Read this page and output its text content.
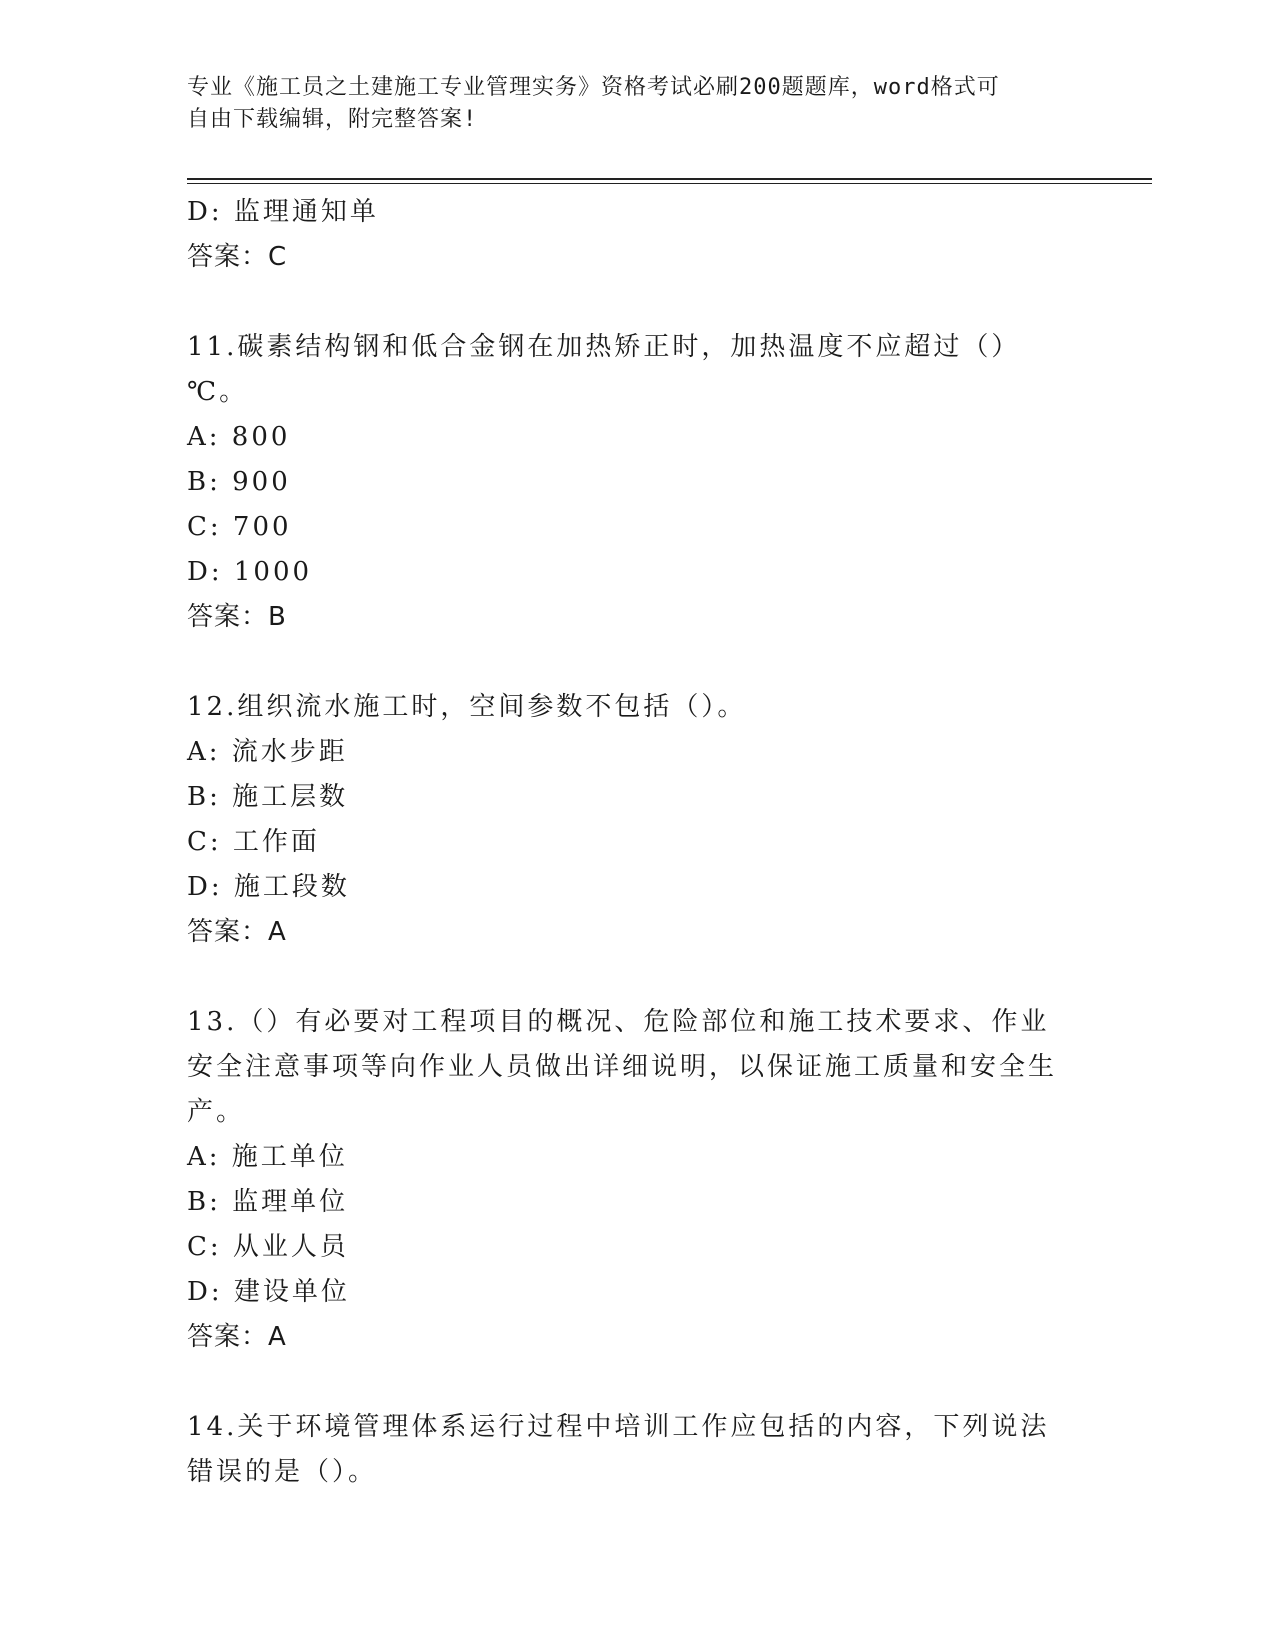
专业《施工员之土建施工专业管理实务》资格考试必刷200题题库，word格式可
自由下载编辑，附完整答案!
D: 监理通知单
答案：C
11.碳素结构钢和低合金钢在加热矫正时，加热温度不应超过（）℃。
A: 800
B: 900
C: 700
D: 1000
答案：B
12.组织流水施工时，空间参数不包括（）。
A: 流水步距
B: 施工层数
C: 工作面
D: 施工段数
答案：A
13.（）有必要对工程项目的概况、危险部位和施工技术要求、作业安全注意事项等向作业人员做出详细说明，以保证施工质量和安全生产。
A: 施工单位
B: 监理单位
C: 从业人员
D: 建设单位
答案：A
14.关于环境管理体系运行过程中培训工作应包括的内容，下列说法错误的是（）。
